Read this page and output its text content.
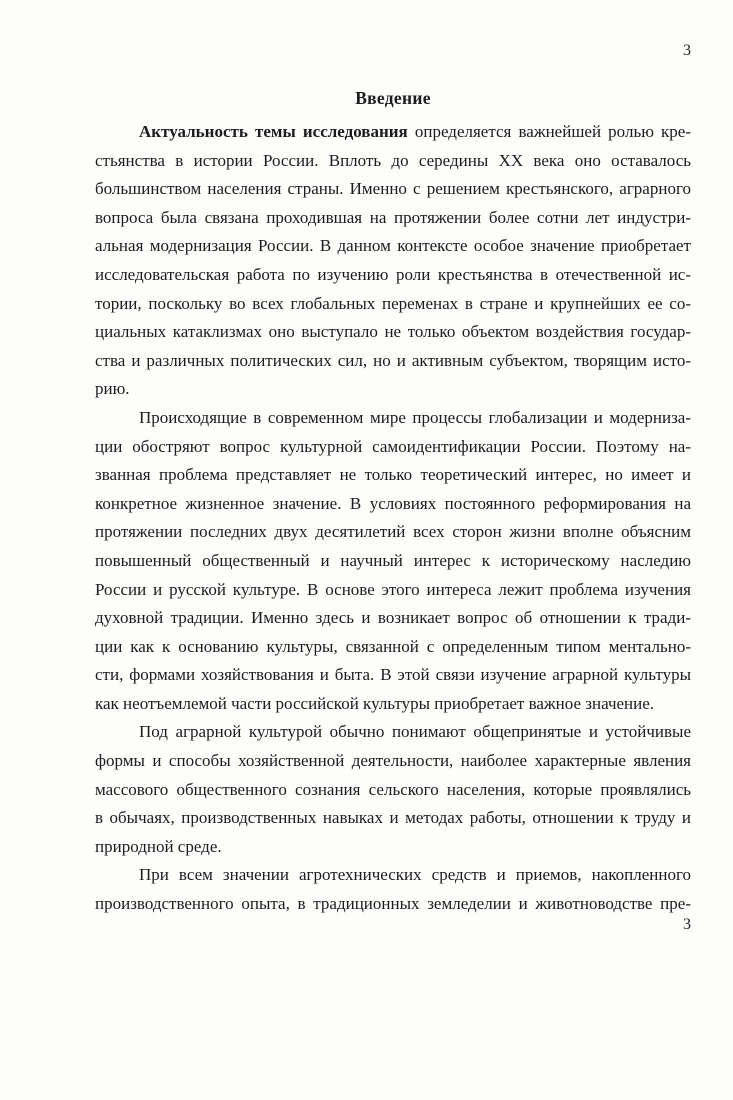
3
Введение
Актуальность темы исследования определяется важнейшей ролью кре-
стьянства в истории России. Вплоть до середины XX века оно оставалось
большинством населения страны. Именно с решением крестьянского, аграрного
вопроса была связана проходившая на протяжении более сотни лет индустри-
альная модернизация России. В данном контексте особое значение приобретает
исследовательская работа по изучению роли крестьянства в отечественной ис-
тории, поскольку во всех глобальных переменах в стране и крупнейших ее со-
циальных катаклизмах оно выступало не только объектом воздействия государ-
ства и различных политических сил, но и активным субъектом, творящим исто-
рию.
Происходящие в современном мире процессы глобализации и модерниза-
ции обостряют вопрос культурной самоидентификации России. Поэтому на-
званная проблема представляет не только теоретический интерес, но имеет и
конкретное жизненное значение. В условиях постоянного реформирования на
протяжении последних двух десятилетий всех сторон жизни вполне объясним
повышенный общественный и научный интерес к историческому наследию
России и русской культуре. В основе этого интереса лежит проблема изучения
духовной традиции. Именно здесь и возникает вопрос об отношении к тради-
ции как к основанию культуры, связанной с определенным типом ментально-
сти, формами хозяйствования и быта. В этой связи изучение аграрной культуры
как неотъемлемой части российской культуры приобретает важное значение.
Под аграрной культурой обычно понимают общепринятые и устойчивые
формы и способы хозяйственной деятельности, наиболее характерные явления
массового общественного сознания сельского населения, которые проявлялись
в обычаях, производственных навыках и методах работы, отношении к труду и
природной среде.
При всем значении агротехнических средств и приемов, накопленного
производственного опыта, в традиционных земледелии и животноводстве пре-
3
